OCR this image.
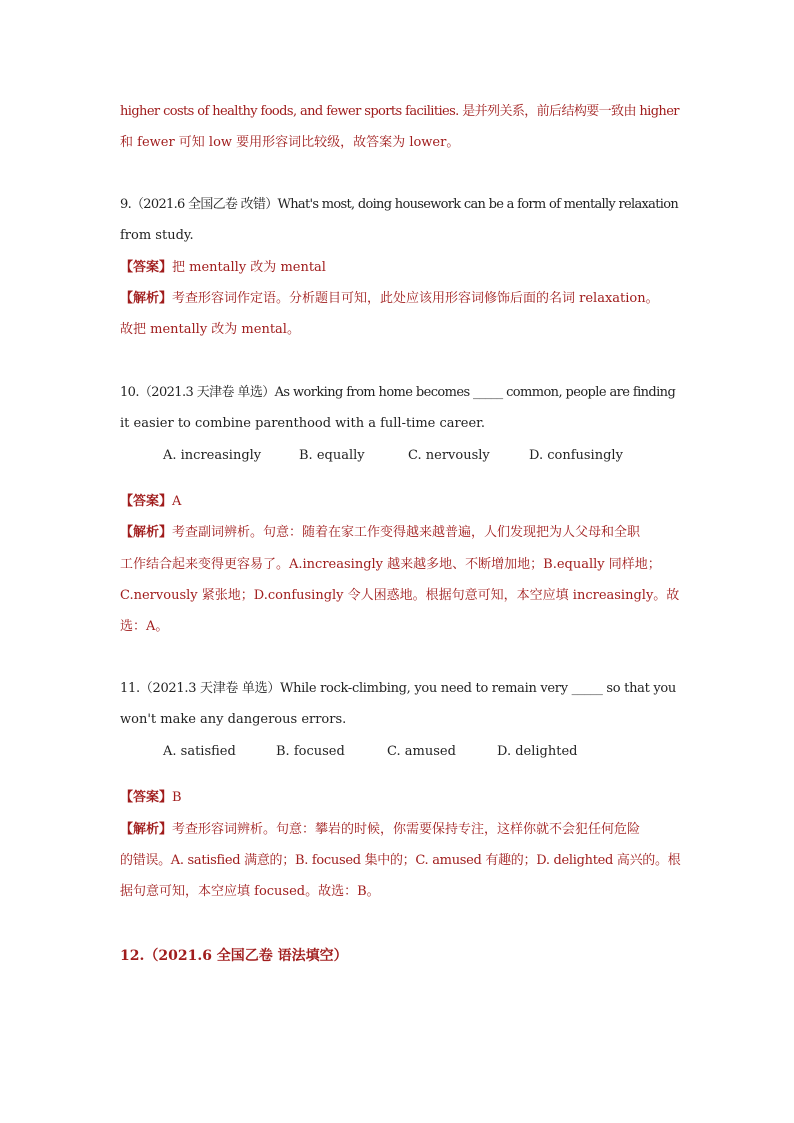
higher costs of healthy foods, and fewer sports facilities. 是并列关系，前后结构要一致由 higher
和 fewer 可知 low 要用形容词比较级，故答案为 lower。
9.（2021.6 全国乙卷 改错）What's most, doing housework can be a form of mentally relaxation
from study.
【答案】把 mentally 改为 mental
【解析】考查形容词作定语。分析题目可知，此处应该用形容词修饰后面的名词 relaxation。
故把 mentally 改为 mental。
10.（2021.3 天津卷 单选）As working from home becomes _____ common, people are finding
it easier to combine parenthood with a full-time career.
A. increasingly	B. equally	C. nervously	D. confusingly
【答案】A
【解析】考查副词辨析。句意：随着在家工作变得越来越普遍，人们发现把为人父母和全职
工作结合起来变得更容易了。A.increasingly 越来越多地、不断增加地；B.equally 同样地；
C.nervously 紧张地；D.confusingly 令人困惑地。根据句意可知，本空应填 increasingly。故
选：A。
11.（2021.3 天津卷 单选）While rock-climbing, you need to remain very _____ so that you
won't make any dangerous errors.
A. satisfied	B. focused	C. amused	D. delighted
【答案】B
【解析】考查形容词辨析。句意：攀岩的时候，你需要保持专注，这样你就不会犯任何危险
的错误。A. satisfied 满意的；B. focused 集中的；C. amused 有趣的；D. delighted 高兴的。根
据句意可知，本空应填 focused。故选：B。
12.（2021.6 全国乙卷 语法填空）
